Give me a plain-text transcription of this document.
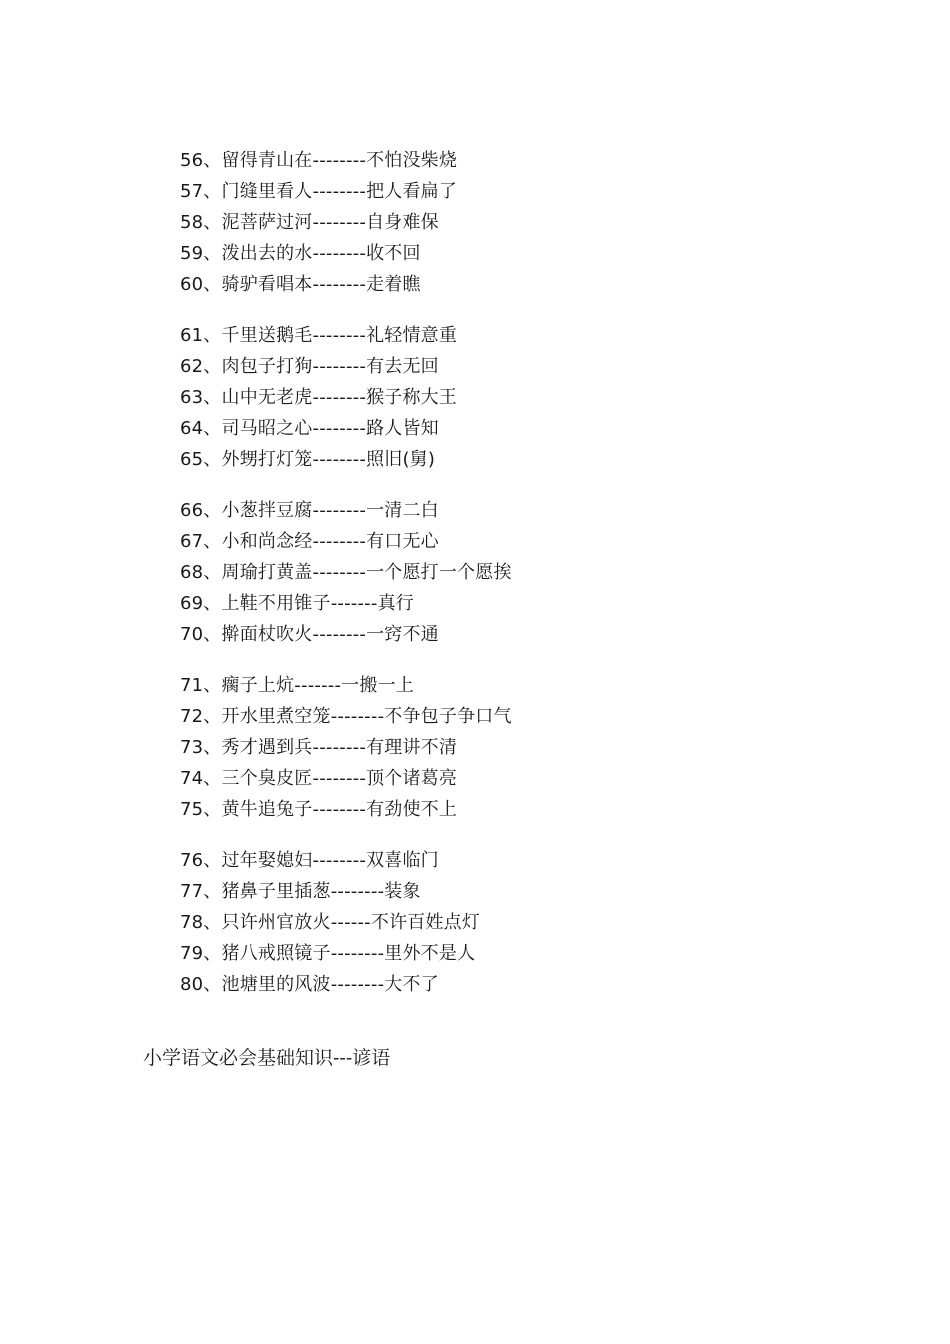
56、留得青山在--------不怕没柴烧
57、门缝里看人--------把人看扁了
58、泥菩萨过河--------自身难保
59、泼出去的水--------收不回
60、骑驴看唱本--------走着瞧
61、千里送鹅毛--------礼轻情意重
62、肉包子打狗--------有去无回
63、山中无老虎--------猴子称大王
64、司马昭之心--------路人皆知
65、外甥打灯笼--------照旧(舅)
66、小葱拌豆腐--------一清二白
67、小和尚念经--------有口无心
68、周瑜打黄盖--------一个愿打一个愿挨
69、上鞋不用锥子-------真行
70、擀面杖吹火--------一窍不通
71、瘸子上炕-------一搬一上
72、开水里煮空笼--------不争包子争口气
73、秀才遇到兵--------有理讲不清
74、三个臭皮匠--------顶个诸葛亮
75、黄牛追兔子--------有劲使不上
76、过年娶媳妇--------双喜临门
77、猪鼻子里插葱--------装象
78、只许州官放火------不许百姓点灯
79、猪八戒照镜子--------里外不是人
80、池塘里的风波--------大不了
小学语文必会基础知识---谚语
